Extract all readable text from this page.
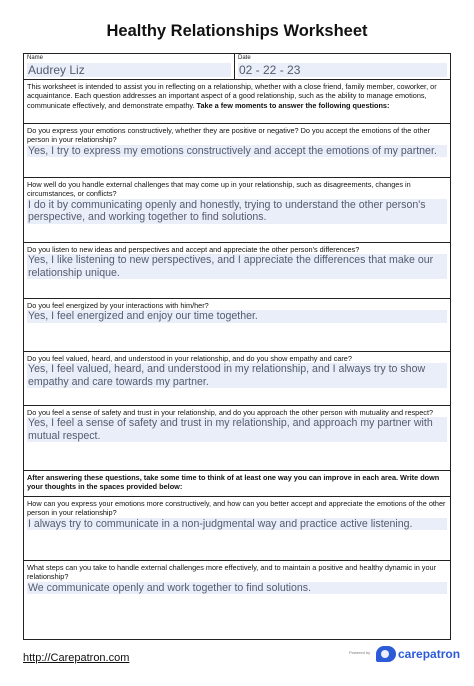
Healthy Relationships Worksheet
Name
Audrey Liz
Date
02 - 22 - 23
This worksheet is intended to assist you in reflecting on a relationship, whether with a close friend, family member, coworker, or acquaintance. Each question addresses an important aspect of a good relationship, such as the ability to manage emotions, communicate effectively, and demonstrate empathy. Take a few moments to answer the following questions:
Do you express your emotions constructively, whether they are positive or negative? Do you accept the emotions of the other person in your relationship?
Yes, I try to express my emotions constructively and accept the emotions of my partner.
How well do you handle external challenges that may come up in your relationship, such as disagreements, changes in circumstances, or conflicts?
I do it by communicating openly and honestly, trying to understand the other person's perspective, and working together to find solutions.
Do you listen to new ideas and perspectives and accept and appreciate the other person's differences?
Yes, I like listening to new perspectives, and I appreciate the differences that make our relationship unique.
Do you feel energized by your interactions with him/her?
Yes, I feel energized and enjoy our time together.
Do you feel valued, heard, and understood in your relationship, and do you show empathy and care?
Yes, I feel valued, heard, and understood in my relationship, and I always try to show empathy and care towards my partner.
Do you feel a sense of safety and trust in your relationship, and do you approach the other person with mutuality and respect?
Yes, I feel a sense of safety and trust in my relationship, and approach my partner with mutual respect.
After answering these questions, take some time to think of at least one way you can improve in each area. Write down your thoughts in the spaces provided below:
How can you express your emotions more constructively, and how can you better accept and appreciate the emotions of the other person in your relationship?
I always try to communicate in a non-judgmental way and practice active listening.
What steps can you take to handle external challenges more effectively, and to maintain a positive and healthy dynamic in your relationship?
We communicate openly and work together to find solutions.
http://Carepatron.com	Powered by carepatron
